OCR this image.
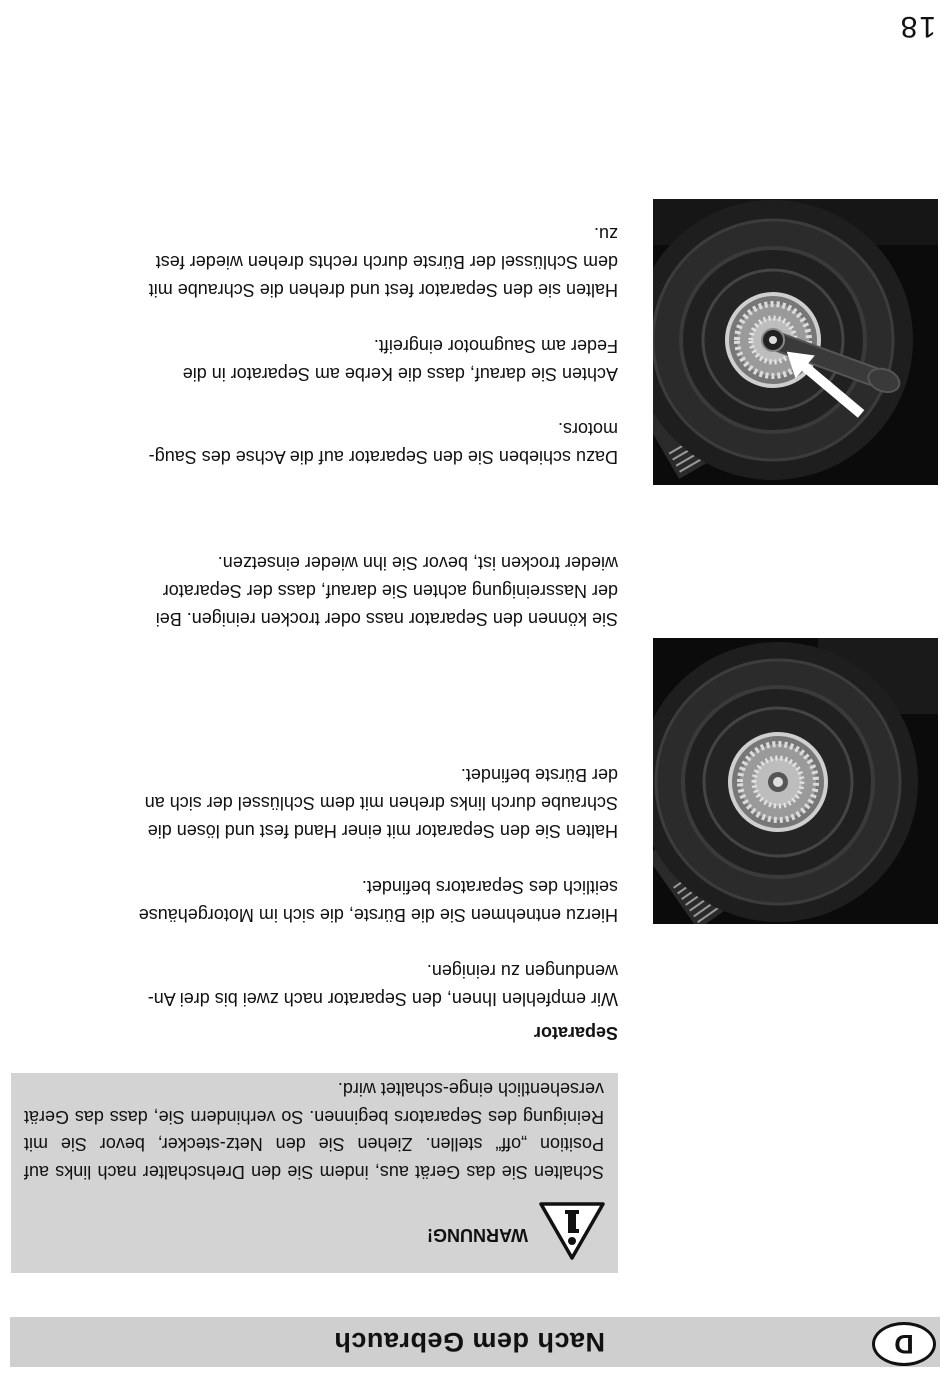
D
Nach dem Gebrauch
WARNUNG!
Schalten Sie das Gerät aus, indem Sie den Drehschalter nach links auf Position „off“ stellen. Ziehen Sie den Netz-stecker, bevor Sie mit Reinigung des Separators beginnen. So verhindern Sie, dass das Gerät versehentlich einge-schaltet wird.
Separator

Wir empfehlen Ihnen, den Separator nach zwei bis drei An-

wendungen zu reinigen.

Hierzu entnehmen Sie die Bürste, die sich im Motorgehäuse

seitlich des Separators befindet.

Halten Sie den Separator mit einer Hand fest und lösen die

Schraube durch links drehen mit dem Schlüssel der sich an

der Bürste befindet.

Sie können den Separator nass oder trocken reinigen. Bei

der Nassreinigung achten Sie darauf, dass der Separator

wieder trocken ist, bevor Sie ihn wieder einsetzen.

Dazu schieben Sie den Separator auf die Achse des Saug-

motors.

Achten Sie darauf, dass die Kerbe am Separator in die

Feder am Saugmotor eingreift.

Halten sie den Separator fest und drehen die Schraube mit

dem Schlüssel der Bürste durch rechts drehen wieder fest

zu.

18
